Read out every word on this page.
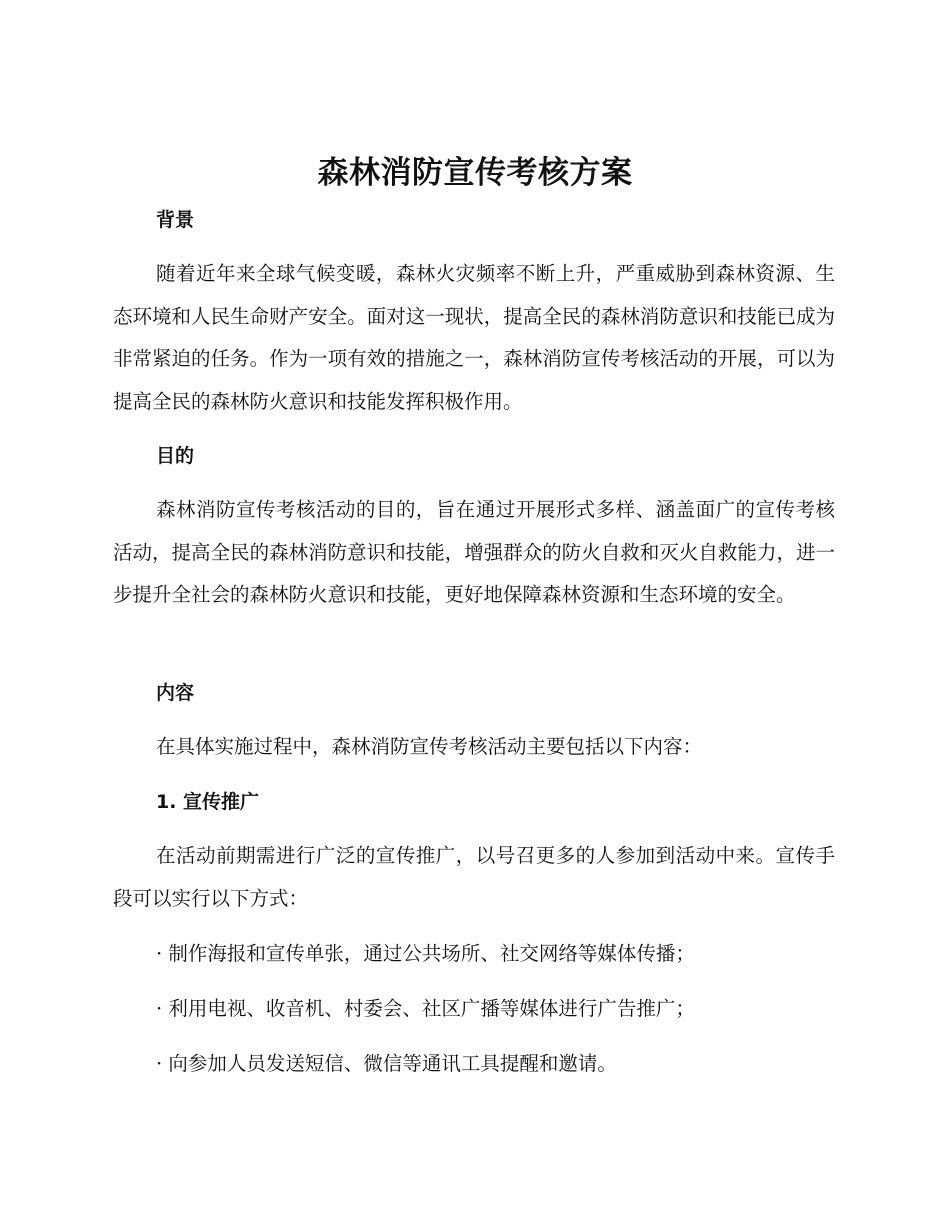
森林消防宣传考核方案
背景

随着近年来全球气候变暖，森林火灾频率不断上升，严重威胁到森林资源、生态环境和人民生命财产安全。面对这一现状，提高全民的森林消防意识和技能已成为非常紧迫的任务。作为一项有效的措施之一，森林消防宣传考核活动的开展，可以为提高全民的森林防火意识和技能发挥积极作用。

目的

森林消防宣传考核活动的目的，旨在通过开展形式多样、涵盖面广的宣传考核活动，提高全民的森林消防意识和技能，增强群众的防火自救和灭火自救能力，进一步提升全社会的森林防火意识和技能，更好地保障森林资源和生态环境的安全。

内容
在具体实施过程中，森林消防宣传考核活动主要包括以下内容：
1. 宣传推广

在活动前期需进行广泛的宣传推广，以号召更多的人参加到活动中来。宣传手段可以实行以下方式：

· 制作海报和宣传单张，通过公共场所、社交网络等媒体传播；
· 利用电视、收音机、村委会、社区广播等媒体进行广告推广；
· 向参加人员发送短信、微信等通讯工具提醒和邀请。
